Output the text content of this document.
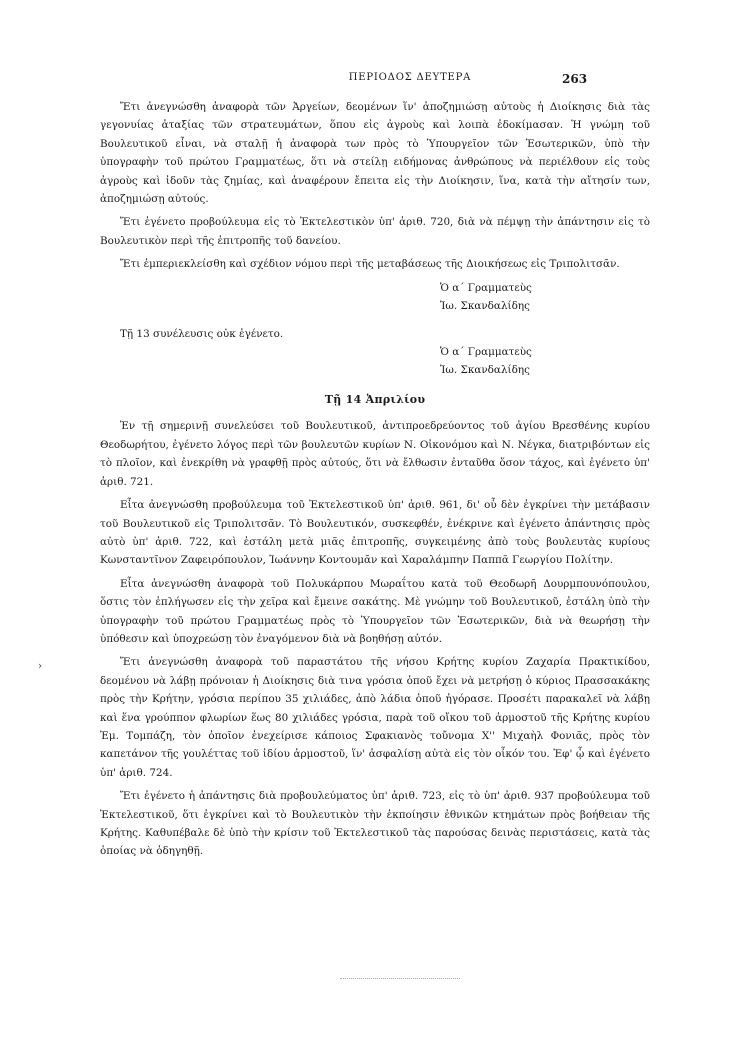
ΠΕΡΙΟΔΟΣ ΔΕΥΤΕΡΑ	263
›

Ἔτι ἀνεγνώσθη ἀναφορὰ τῶν Ἀργείων, δεομένων ἵν' ἀποζημιώσῃ αὐτοὺς ἡ Διοίκησις διὰ τὰς γεγονυίας ἀταξίας τῶν στρατευμάτων, ὅπου εἰς ἀγροὺς καὶ λοιπὰ ἐδοκίμασαν. Ἡ γνώμη τοῦ Βουλευτικοῦ εἶναι, νὰ σταλῇ ἡ ἀναφορὰ των πρὸς τὸ Ὑπουργεῖον τῶν Ἐσωτερικῶν, ὑπὸ τὴν ὑπογραφὴν τοῦ πρώτου Γραμματέως, ὅτι νὰ στείλῃ ειδήμονας ἀνθρώπους νὰ περιέλθουν εἰς τοὺς ἀγροὺς καὶ ἰδοῦν τὰς ζημίας, καὶ ἀναφέρουν ἔπειτα εἰς τὴν Διοίκησιν, ἵνα, κατὰ τὴν αἴτησίν των, ἀποζημιώσῃ αὐτούς.

Ἔτι ἐγένετο προβούλευμα εἰς τὸ Ἐκτελεστικὸν ὑπ' ἀριθ. 720, διὰ νὰ πέμψῃ τὴν ἀπάντησιν εἰς τὸ Βουλευτικὸν περὶ τῆς ἐπιτροπῆς τοῦ δανείου.

Ἔτι ἐμπεριεκλείσθη καὶ σχέδιον νόμου περὶ τῆς μεταβάσεως τῆς Διοικήσεως εἰς Τριπολιτσᾶν.

Ὁ α΄ Γραμματεὺς
Ἰω. Σκανδαλίδης
Τῇ 13 συνέλευσις οὐκ ἐγένετο.
Ὁ α΄ Γραμματεὺς
Ἰω. Σκανδαλίδης
Τῇ 14 Ἀπριλίου

Ἐν τῇ σημερινῇ συνελεύσει τοῦ Βουλευτικοῦ, ἀντιπροεδρεύοντος τοῦ ἁγίου Βρεσθένης κυρίου Θεοδωρήτου, ἐγένετο λόγος περὶ τῶν βουλευτῶν κυρίων Ν. Οἰκονόμου καὶ Ν. Νέγκα, διατριβόντων εἰς τὸ πλοῖον, καὶ ἐνεκρίθη νὰ γραφθῇ πρὸς αὐτούς, ὅτι νὰ ἔλθωσιν ἐνταῦθα ὅσον τάχος, καὶ ἐγένετο ὑπ' ἀριθ. 721.

Εἶτα ἀνεγνώσθη προβούλευμα τοῦ Ἐκτελεστικοῦ ὑπ' ἀριθ. 961, δι' οὗ δὲν ἐγκρίνει τὴν μετάβασιν τοῦ Βουλευτικοῦ εἰς Τριπολιτσᾶν. Τὸ Βουλευτικόν, συσκεφθέν, ἐνέκρινε καὶ ἐγένετο ἀπάντησις πρὸς αὐτὸ ὑπ' ἀριθ. 722, καὶ ἐστάλη μετὰ μιᾶς ἐπιτροπῆς, συγκειμένης ἀπὸ τοὺς βουλευτὰς κυρίους Κωνσταντῖνον Ζαφειρόπουλον, Ἰωάννην Κοντουμᾶν καὶ Χαραλάμπην Παππᾶ Γεωργίου Πολίτην.

Εἶτα ἀνεγνώσθη ἀναφορὰ τοῦ Πολυκάρπου Μωραΐτου κατὰ τοῦ Θεοδωρῆ Δουρμπουνόπουλου, ὅστις τὸν ἐπλήγωσεν εἰς τὴν χεῖρα καὶ ἔμεινε σακάτης. Μὲ γνώμην τοῦ Βουλευτικοῦ, ἐστάλη ὑπὸ τὴν ὑπογραφὴν τοῦ πρώτου Γραμματέως πρὸς τὸ Ὑπουργεῖον τῶν Ἐσωτερικῶν, διὰ νὰ θεωρήσῃ τὴν ὑπόθεσιν καὶ ὑποχρεώσῃ τὸν ἐναγόμενον διὰ νὰ βοηθήσῃ αὐτόν.

Ἔτι ἀνεγνώσθη ἀναφορὰ τοῦ παραστάτου τῆς νήσου Κρήτης κυρίου Ζαχαρία Πρακτικίδου, δεομένου νὰ λάβῃ πρόνοιαν ἡ Διοίκησις διὰ τινα γρόσια ὁποῦ ἔχει νὰ μετρήσῃ ὁ κύριος Πρασσακάκης πρὸς τὴν Κρήτην, γρόσια περίπου 35 χιλιάδες, ἀπὸ λάδια ὁποῦ ἠγόρασε. Προσέτι παρακαλεῖ νὰ λάβῃ καὶ ἕνα γρούππον φλωρίων ἕως 80 χιλιάδες γρόσια, παρὰ τοῦ οἴκου τοῦ ἁρμοστοῦ τῆς Κρήτης κυρίου Ἐμ. Τομπάζη, τὸν ὁποῖον ἐνεχείρισε κάποιος Σφακιανὸς τοὔνομα Χ'' Μιχαὴλ Φονιᾶς, πρὸς τὸν καπετάνον τῆς γουλέττας τοῦ ἰδίου ἁρμοστοῦ, ἵν' ἀσφαλίσῃ αὐτὰ εἰς τὸν οἶκόν του. Ἐφ' ᾧ καὶ ἐγένετο ὑπ' ἀριθ. 724.

Ἔτι ἐγένετο ἡ ἀπάντησις διὰ προβουλεύματος ὑπ' ἀριθ. 723, εἰς τὸ ὑπ' ἀριθ. 937 προβούλευμα τοῦ Ἐκτελεστικοῦ, ὅτι ἐγκρίνει καὶ τὸ Βουλευτικὸν τὴν ἐκποίησιν ἐθνικῶν κτημάτων πρὸς βοήθειαν τῆς Κρήτης. Καθυπέβαλε δὲ ὑπὸ τὴν κρίσιν τοῦ Ἐκτελεστικοῦ τὰς παρούσας δεινὰς περιστάσεις, κατὰ τὰς ὁποίας νὰ ὁδηγηθῇ.
